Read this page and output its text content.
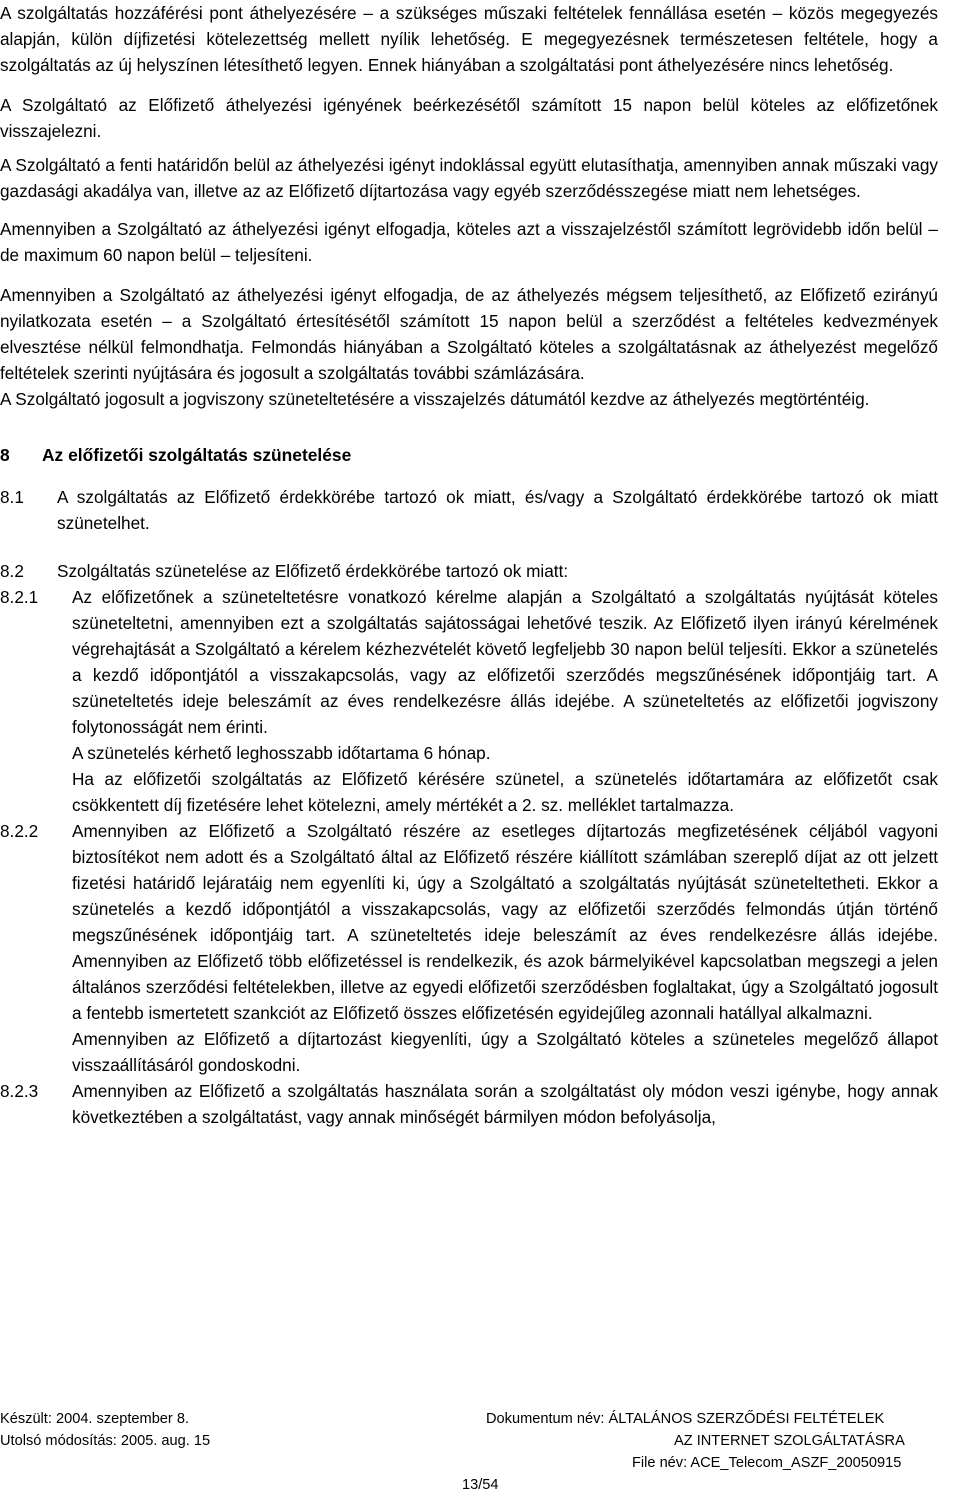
A szolgáltatás hozzáférési pont áthelyezésére – a szükséges műszaki feltételek fennállása esetén – közös megegyezés alapján, külön díjfizetési kötelezettség mellett nyílik lehetőség. E megegyezésnek természetesen feltétele, hogy a szolgáltatás az új helyszínen létesíthető legyen. Ennek hiányában a szolgáltatási pont áthelyezésére nincs lehetőség.

A Szolgáltató az Előfizető áthelyezési igényének beérkezésétől számított 15 napon belül köteles az előfizetőnek visszajelezni.

A Szolgáltató a fenti határidőn belül az áthelyezési igényt indoklással együtt elutasíthatja, amennyiben annak műszaki vagy gazdasági akadálya van, illetve az az Előfizető díjtartozása vagy egyéb szerződésszegése miatt nem lehetséges.

Amennyiben a Szolgáltató az áthelyezési igényt elfogadja, köteles azt a visszajelzéstől számított legrövidebb időn belül – de maximum 60 napon belül – teljesíteni.

Amennyiben a Szolgáltató az áthelyezési igényt elfogadja, de az áthelyezés mégsem teljesíthető, az Előfizető ezirányú nyilatkozata esetén – a Szolgáltató értesítésétől számított 15 napon belül a szerződést a feltételes kedvezmények elvesztése nélkül felmondhatja. Felmondás hiányában a Szolgáltató köteles a szolgáltatásnak az áthelyezést megelőző feltételek szerinti nyújtására és jogosult a szolgáltatás további számlázására.

A Szolgáltató jogosult a jogviszony szüneteltetésére a visszajelzés dátumától kezdve az áthelyezés megtörténtéig.

8	Az előfizetői szolgáltatás szünetelése
8.1	A szolgáltatás az Előfizető érdekkörébe tartozó ok miatt, és/vagy a Szolgáltató érdekkörébe tartozó ok miatt szünetelhet.
8.2	Szolgáltatás szünetelése az Előfizető érdekkörébe tartozó ok miatt:
8.2.1	Az előfizetőnek a szüneteltetésre vonatkozó kérelme alapján a Szolgáltató a szolgáltatás nyújtását köteles szüneteltetni, amennyiben ezt a szolgáltatás sajátosságai lehetővé teszik. Az Előfizető ilyen irányú kérelmének végrehajtását a Szolgáltató a kérelem kézhezvételét követő legfeljebb 30 napon belül teljesíti. Ekkor a szünetelés a kezdő időpontjától a visszakapcsolás, vagy az előfizetői szerződés megszűnésének időpontjáig tart. A szüneteltetés ideje beleszámít az éves rendelkezésre állás idejébe. A szüneteltetés az előfizetői jogviszony folytonosságát nem érinti.

A szünetelés kérhető leghosszabb időtartama 6 hónap.

Ha az előfizetői szolgáltatás az Előfizető kérésére szünetel, a szünetelés időtartamára az előfizetőt csak csökkentett díj fizetésére lehet kötelezni, amely mértékét a 2. sz. melléklet tartalmazza.

8.2.2	Amennyiben az Előfizető a Szolgáltató részére az esetleges díjtartozás megfizetésének céljából vagyoni biztosítékot nem adott és a Szolgáltató által az Előfizető részére kiállított számlában szereplő díjat az ott jelzett fizetési határidő lejáratáig nem egyenlíti ki, úgy a Szolgáltató a szolgáltatás nyújtását szüneteltetheti. Ekkor a szünetelés a kezdő időpontjától a visszakapcsolás, vagy az előfizetői szerződés felmondás útján történő megszűnésének időpontjáig tart. A szüneteltetés ideje beleszámít az éves rendelkezésre állás idejébe. Amennyiben az Előfizető több előfizetéssel is rendelkezik, és azok bármelyikével kapcsolatban megszegi a jelen általános szerződési feltételekben, illetve az egyedi előfizetői szerződésben foglaltakat, úgy a Szolgáltató jogosult a fentebb ismertetett szankciót az Előfizető összes előfizetésén egyidejűleg azonnali hatállyal alkalmazni.

Amennyiben az Előfizető a díjtartozást kiegyenlíti, úgy a Szolgáltató köteles a szüneteles megelőző állapot visszaállításáról gondoskodni.

8.2.3	Amennyiben az Előfizető a szolgáltatás használata során a szolgáltatást oly módon veszi igénybe, hogy annak következtében a szolgáltatást, vagy annak minőségét bármilyen módon befolyásolja,

Készült: 2004. szeptember 8.
Utolsó módosítás: 2005. aug. 15
Dokumentum név: ÁLTALÁNOS SZERZŐDÉSI FELTÉTELEK
AZ INTERNET SZOLGÁLTATÁSRA
File név: ACE_Telecom_ASZF_20050915
13/54
